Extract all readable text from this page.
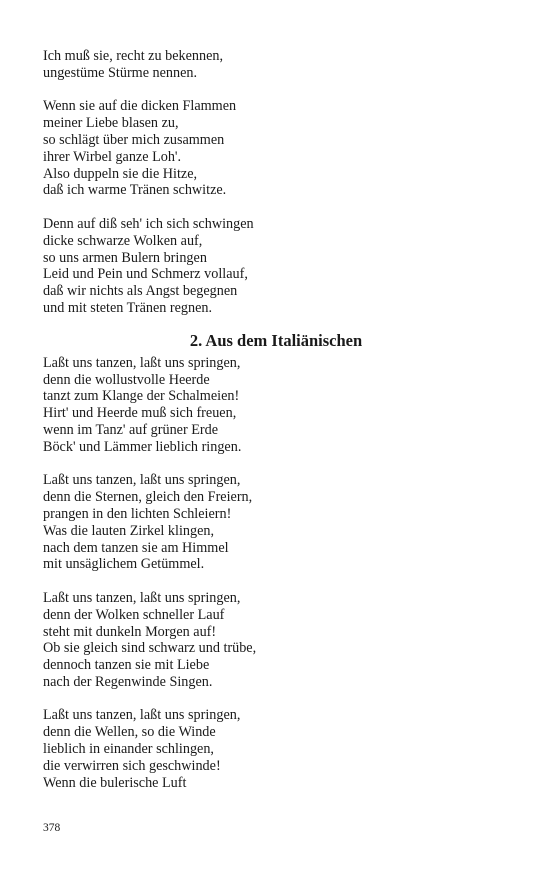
Ich muß sie, recht zu bekennen,
ungestüme Stürme nennen.
Wenn sie auf die dicken Flammen
meiner Liebe blasen zu,
so schlägt über mich zusammen
ihrer Wirbel ganze Loh'.
Also duppeln sie die Hitze,
daß ich warme Tränen schwitze.
Denn auf diß seh' ich sich schwingen
dicke schwarze Wolken auf,
so uns armen Bulern bringen
Leid und Pein und Schmerz vollauf,
daß wir nichts als Angst begegnen
und mit steten Tränen regnen.
2. Aus dem Italiänischen
Laßt uns tanzen, laßt uns springen,
denn die wollustvolle Heerde
tanzt zum Klange der Schalmeien!
Hirt' und Heerde muß sich freuen,
wenn im Tanz' auf grüner Erde
Böck' und Lämmer lieblich ringen.
Laßt uns tanzen, laßt uns springen,
denn die Sternen, gleich den Freiern,
prangen in den lichten Schleiern!
Was die lauten Zirkel klingen,
nach dem tanzen sie am Himmel
mit unsäglichem Getümmel.
Laßt uns tanzen, laßt uns springen,
denn der Wolken schneller Lauf
steht mit dunkeln Morgen auf!
Ob sie gleich sind schwarz und trübe,
dennoch tanzen sie mit Liebe
nach der Regenwinde Singen.
Laßt uns tanzen, laßt uns springen,
denn die Wellen, so die Winde
lieblich in einander schlingen,
die verwirren sich geschwinde!
Wenn die bulerische Luft
378
